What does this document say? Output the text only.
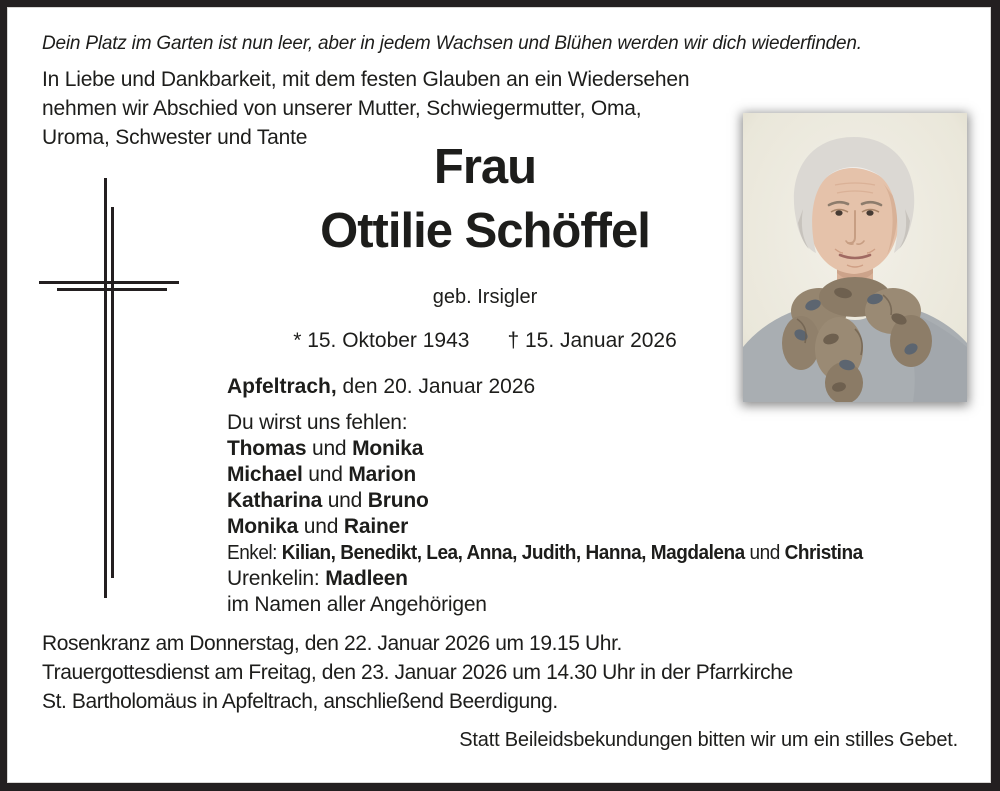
Dein Platz im Garten ist nun leer, aber in jedem Wachsen und Blühen werden wir dich wiederfinden.
In Liebe und Dankbarkeit, mit dem festen Glauben an ein Wiedersehen
nehmen wir Abschied von unserer Mutter, Schwiegermutter, Oma,
Uroma, Schwester und Tante
Frau
Ottilie Schöffel
geb. Irsigler
* 15. Oktober 1943 † 15. Januar 2026
Apfeltrach, den 20. Januar 2026
Du wirst uns fehlen:
Thomas und Monika
Michael und Marion
Katharina und Bruno
Monika und Rainer
Enkel: Kilian, Benedikt, Lea, Anna, Judith, Hanna, Magdalena und Christina
Urenkelin: Madleen
im Namen aller Angehörigen
Rosenkranz am Donnerstag, den 22. Januar 2026 um 19.15 Uhr.
Trauergottesdienst am Freitag, den 23. Januar 2026 um 14.30 Uhr in der Pfarrkirche
St. Bartholomäus in Apfeltrach, anschließend Beerdigung.
Statt Beileidsbekundungen bitten wir um ein stilles Gebet.
